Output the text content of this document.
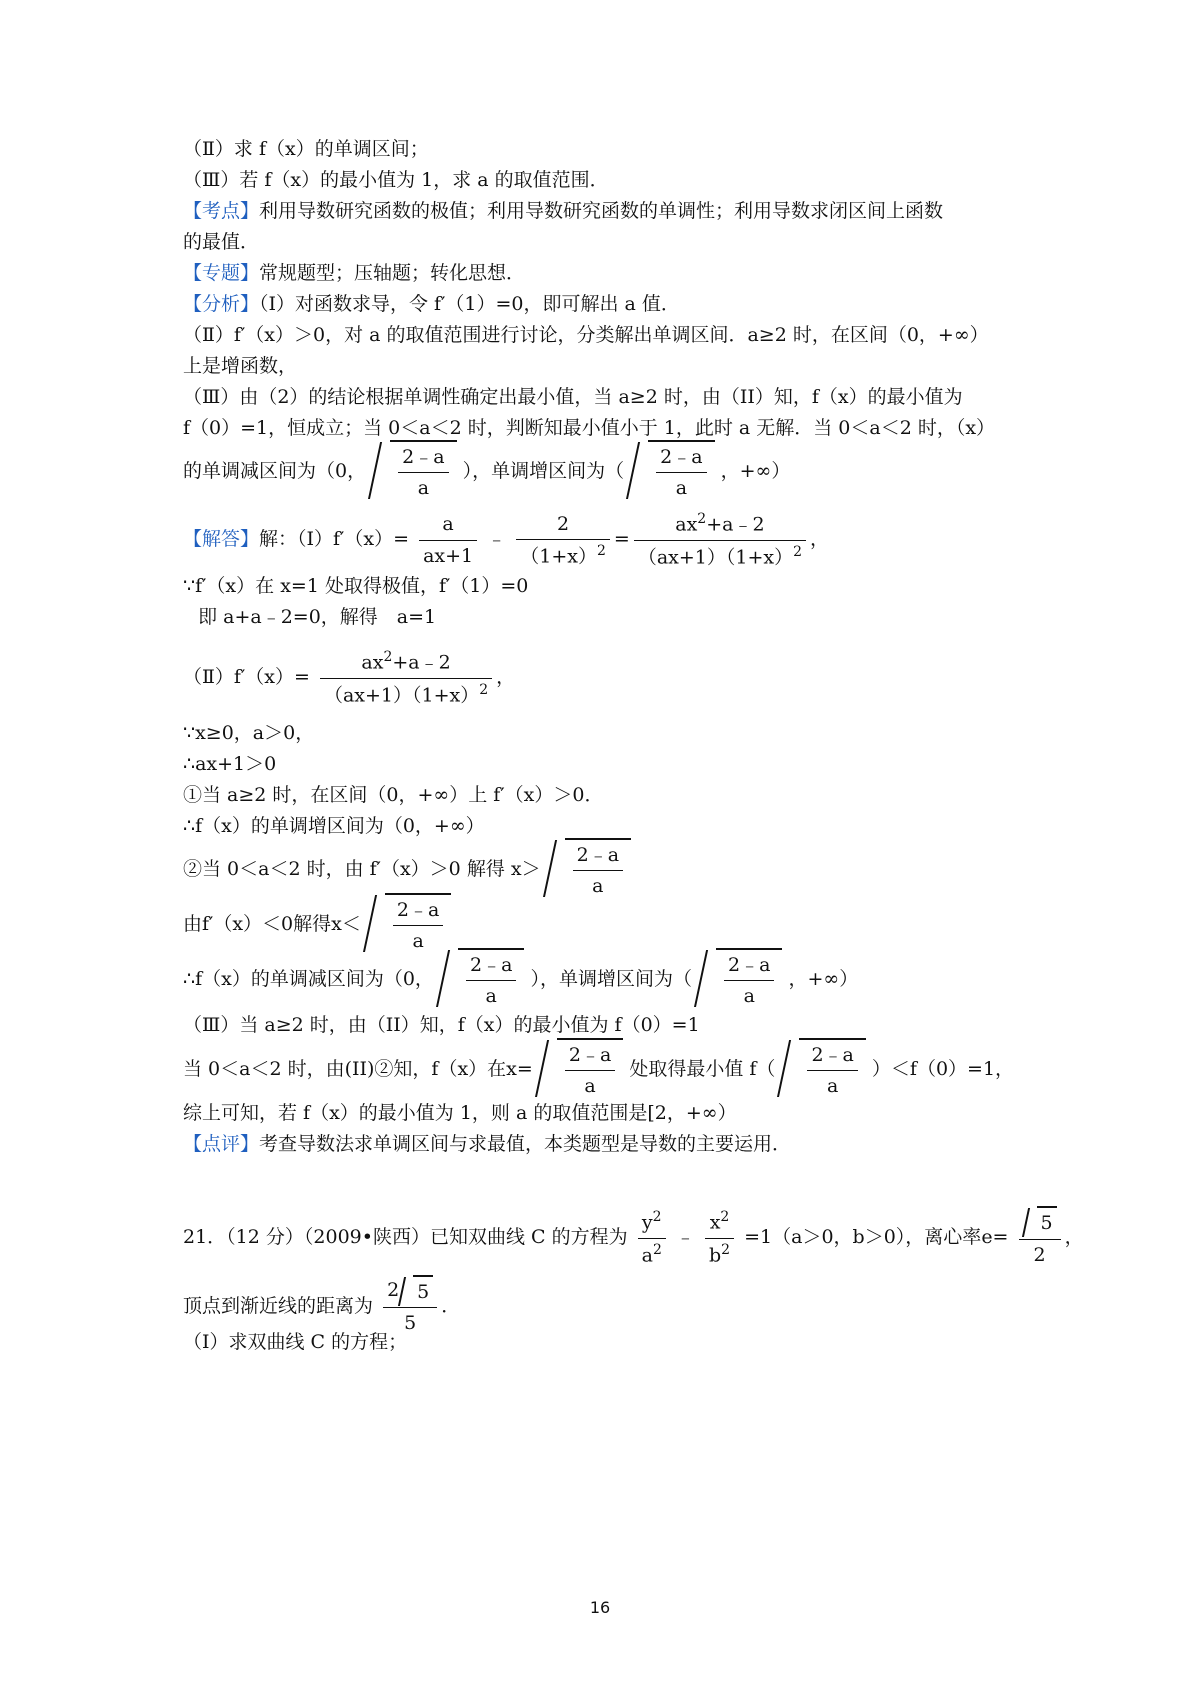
（Ⅱ）求 f（x）的单调区间；
（Ⅲ）若 f（x）的最小值为 1，求 a 的取值范围．
【考点】利用导数研究函数的极值；利用导数研究函数的单调性；利用导数求闭区间上函数
的最值．
【专题】常规题型；压轴题；转化思想．
【分析】（Ⅰ）对函数求导，令 f′（1）=0，即可解出 a 值．
（Ⅱ）f′（x）＞0，对 a 的取值范围进行讨论，分类解出单调区间．a≥2 时，在区间（0，+∞）
上是增函数，
（Ⅲ）由（2）的结论根据单调性确定出最小值，当 a≥2 时，由（II）知，f（x）的最小值为
f（0）=1，恒成立；当 0＜a＜2 时，判断知最小值小于 1，此时 a 无解．当 0＜a＜2 时，（x）
的单调减区间为（0， $\frac{2﹣a}{a}$ ），单调增区间为（ $\frac{2﹣a}{a}$ ，+∞）
【解答】解：（Ⅰ）f′（x）= $\frac{a}{ax+1}$ ﹣ $\frac{2}{(1+x)^2} = \frac{ax^2+a﹣2}{(ax+1)(1+x)^2}$ ，
∵f′（x）在 x=1 处取得极值，f′（1）=0
即 a+a﹣2=0，解得　a=1
（Ⅱ）f′（x）= $\frac{ax^2+a﹣2}{(ax+1)(1+x)^2}$ ，
∵x≥0，a＞0，
∴ax+1＞0
①当 a≥2 时，在区间（0，+∞）上 f′（x）＞0．
∴f（x）的单调增区间为（0，+∞）
②当 0＜a＜2 时，由 f′（x）＞0 解得 $x> \frac{2﹣a}{a}$
由f′（x）＜0解得$x< \frac{2﹣a}{a}$
∴f（x）的单调减区间为（0， $\frac{2﹣a}{a}$ ），单调增区间为（ $\frac{2﹣a}{a}$ ，+∞）
（Ⅲ）当 a≥2 时，由（II）知，f（x）的最小值为 f（0）=1
当 0＜a＜2 时，由(II)②知，f（x）在$x= \frac{2﹣a}{a}$ 处取得最小值 $f( \frac{2﹣a}{a} )<f(0)=1$，
综上可知，若 f（x）的最小值为 1，则 a 的取值范围是[2，+∞）
【点评】考查导数法求单调区间与求最值，本类题型是导数的主要运用．
21．（12 分）（2009•陕西）已知双曲线 C 的方程为 $\frac{y^2}{a^2}$ ﹣ $\frac{x^2}{b^2} =1(a>0$，b＞0），离心率$e= \frac{5}{2}$ ，
顶点到渐近线的距离为 $\frac{2 5}{5}$ ．
（Ⅰ）求双曲线 C 的方程；
16
